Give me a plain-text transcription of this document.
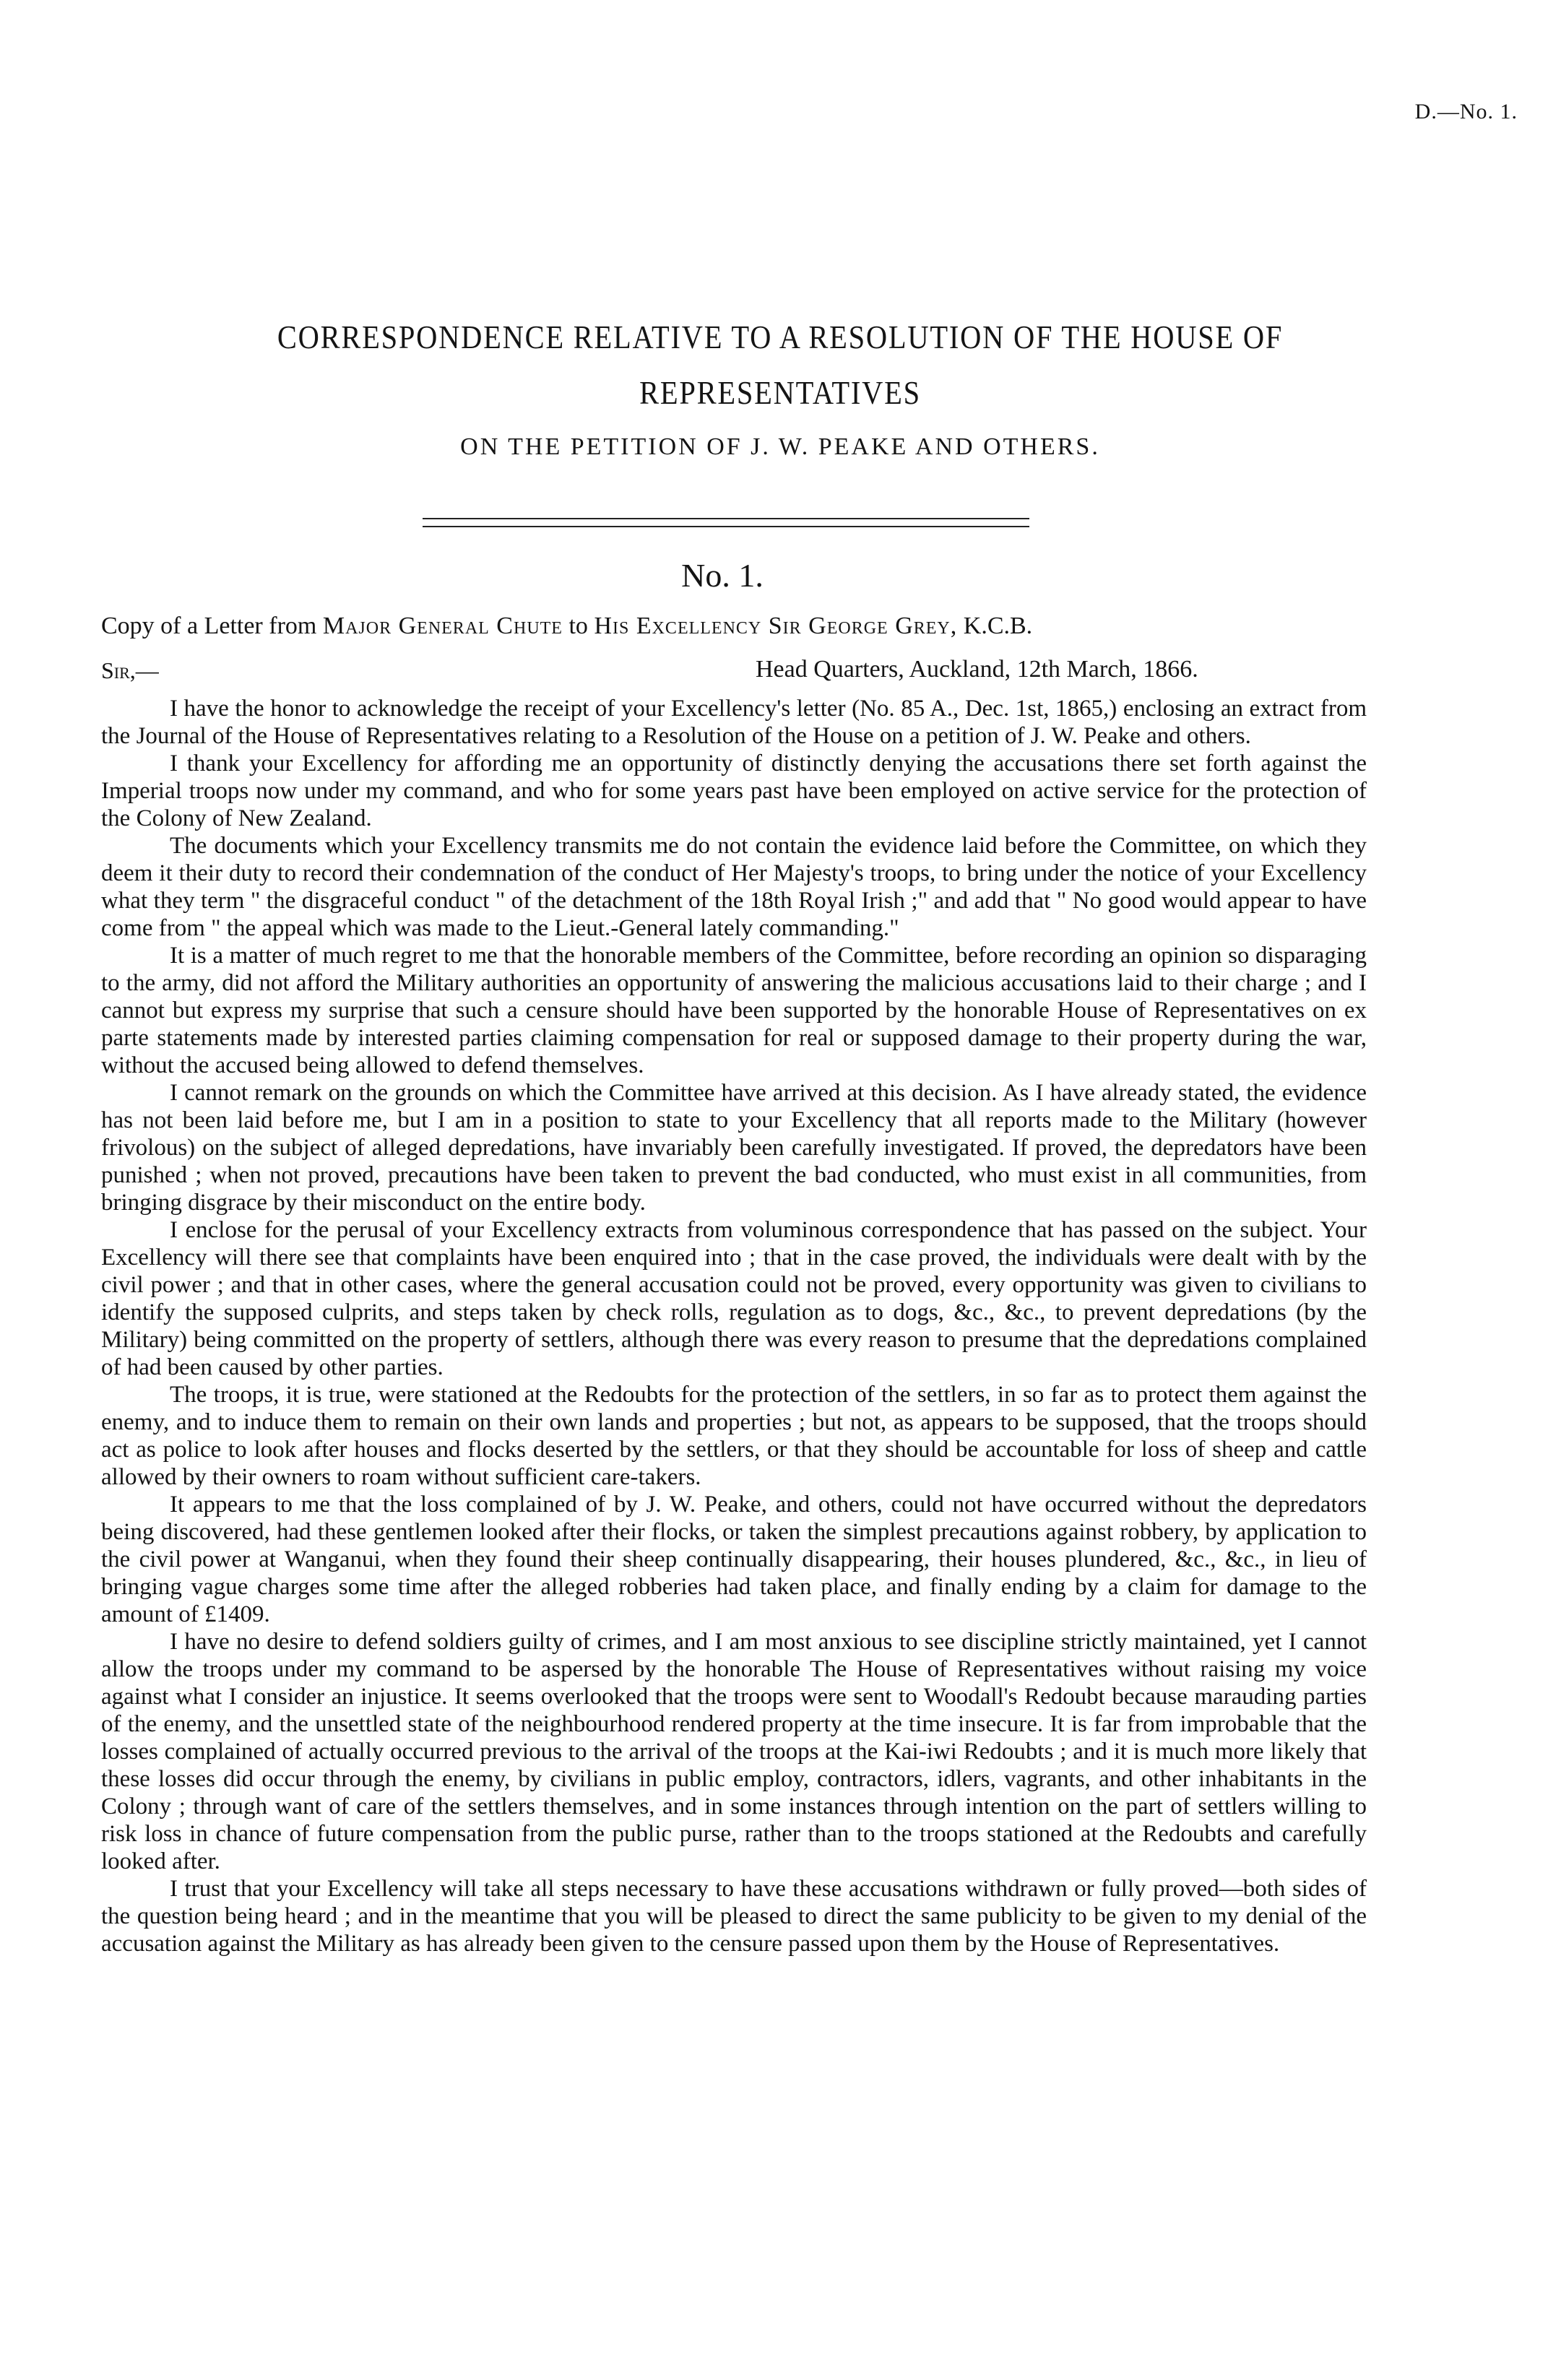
D.—No. 1.
CORRESPONDENCE RELATIVE TO A RESOLUTION OF THE HOUSE OF
REPRESENTATIVES
ON THE PETITION OF J. W. PEAKE AND OTHERS.
No. 1.
Copy of a Letter from Major General Chute to His Excellency Sir George Grey, K.C.B.
Sir,—	Head Quarters, Auckland, 12th March, 1866.

I have the honor to acknowledge the receipt of your Excellency's letter (No. 85 A., Dec. 1st, 1865,) enclosing an extract from the Journal of the House of Representatives relating to a Resolution of the House on a petition of J. W. Peake and others.

I thank your Excellency for affording me an opportunity of distinctly denying the accusations there set forth against the Imperial troops now under my command, and who for some years past have been employed on active service for the protection of the Colony of New Zealand.

The documents which your Excellency transmits me do not contain the evidence laid before the Committee, on which they deem it their duty to record their condemnation of the conduct of Her Majesty's troops, to bring under the notice of your Excellency what they term " the disgraceful conduct " of the detachment of the 18th Royal Irish ;" and add that " No good would appear to have come from " the appeal which was made to the Lieut.-General lately commanding."

It is a matter of much regret to me that the honorable members of the Committee, before recording an opinion so disparaging to the army, did not afford the Military authorities an opportunity of answering the malicious accusations laid to their charge ; and I cannot but express my surprise that such a censure should have been supported by the honorable House of Representatives on ex parte statements made by interested parties claiming compensation for real or supposed damage to their property during the war, without the accused being allowed to defend themselves.

I cannot remark on the grounds on which the Committee have arrived at this decision. As I have already stated, the evidence has not been laid before me, but I am in a position to state to your Excellency that all reports made to the Military (however frivolous) on the subject of alleged depredations, have invariably been carefully investigated. If proved, the depredators have been punished ; when not proved, precautions have been taken to prevent the bad conducted, who must exist in all communities, from bringing disgrace by their misconduct on the entire body.

I enclose for the perusal of your Excellency extracts from voluminous correspondence that has passed on the subject. Your Excellency will there see that complaints have been enquired into ; that in the case proved, the individuals were dealt with by the civil power ; and that in other cases, where the general accusation could not be proved, every opportunity was given to civilians to identify the supposed culprits, and steps taken by check rolls, regulation as to dogs, &c., &c., to prevent depredations (by the Military) being committed on the property of settlers, although there was every reason to presume that the depredations complained of had been caused by other parties.

The troops, it is true, were stationed at the Redoubts for the protection of the settlers, in so far as to protect them against the enemy, and to induce them to remain on their own lands and properties ; but not, as appears to be supposed, that the troops should act as police to look after houses and flocks deserted by the settlers, or that they should be accountable for loss of sheep and cattle allowed by their owners to roam without sufficient care-takers.

It appears to me that the loss complained of by J. W. Peake, and others, could not have occurred without the depredators being discovered, had these gentlemen looked after their flocks, or taken the simplest precautions against robbery, by application to the civil power at Wanganui, when they found their sheep continually disappearing, their houses plundered, &c., &c., in lieu of bringing vague charges some time after the alleged robberies had taken place, and finally ending by a claim for damage to the amount of £1409.

I have no desire to defend soldiers guilty of crimes, and I am most anxious to see discipline strictly maintained, yet I cannot allow the troops under my command to be aspersed by the honorable The House of Representatives without raising my voice against what I consider an injustice. It seems overlooked that the troops were sent to Woodall's Redoubt because marauding parties of the enemy, and the unsettled state of the neighbourhood rendered property at the time insecure. It is far from improbable that the losses complained of actually occurred previous to the arrival of the troops at the Kai-iwi Redoubts ; and it is much more likely that these losses did occur through the enemy, by civilians in public employ, contractors, idlers, vagrants, and other inhabitants in the Colony ; through want of care of the settlers themselves, and in some instances through intention on the part of settlers willing to risk loss in chance of future compensation from the public purse, rather than to the troops stationed at the Redoubts and carefully looked after.

I trust that your Excellency will take all steps necessary to have these accusations withdrawn or fully proved—both sides of the question being heard ; and in the meantime that you will be pleased to direct the same publicity to be given to my denial of the accusation against the Military as has already been given to the censure passed upon them by the House of Representatives.
